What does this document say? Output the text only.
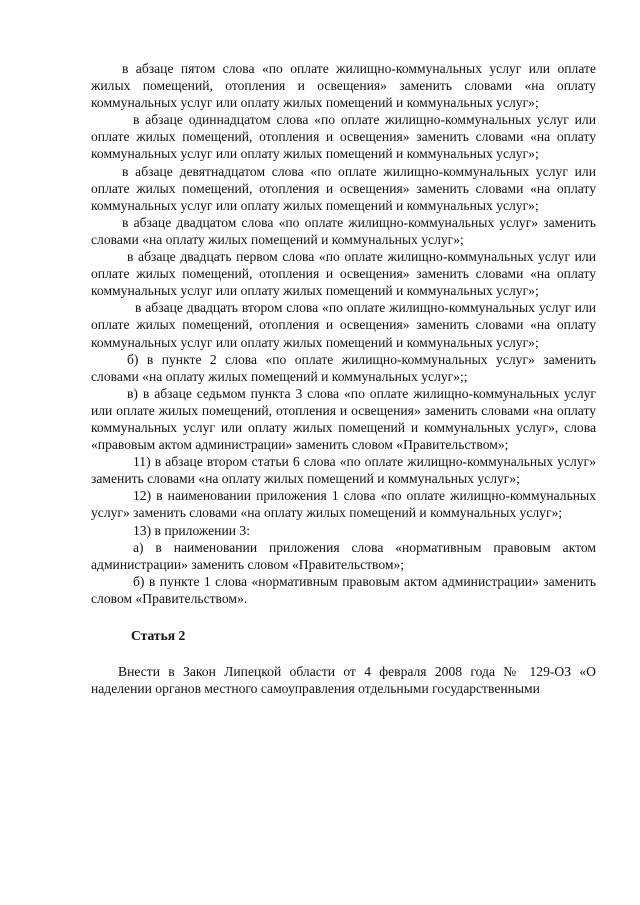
в абзаце пятом слова «по оплате жилищно-коммунальных услуг или оплате жилых помещений, отопления и освещения» заменить словами «на оплату коммунальных услуг или оплату жилых помещений и коммунальных услуг»;

в абзаце одиннадцатом слова «по оплате жилищно-коммунальных услуг или оплате жилых помещений, отопления и освещения» заменить словами «на оплату коммунальных услуг или оплату жилых помещений и коммунальных услуг»;

в абзаце девятнадцатом слова «по оплате жилищно-коммунальных услуг или оплате жилых помещений, отопления и освещения» заменить словами «на оплату коммунальных услуг или оплату жилых помещений и коммунальных услуг»;

в абзаце двадцатом слова «по оплате жилищно-коммунальных услуг» заменить словами «на оплату жилых помещений и коммунальных услуг»;

в абзаце двадцать первом слова «по оплате жилищно-коммунальных услуг или оплате жилых помещений, отопления и освещения» заменить словами «на оплату коммунальных услуг или оплату жилых помещений и коммунальных услуг»;

в абзаце двадцать втором слова «по оплате жилищно-коммунальных услуг или оплате жилых помещений, отопления и освещения» заменить словами «на оплату коммунальных услуг или оплату жилых помещений и коммунальных услуг»;

б) в пункте 2 слова «по оплате жилищно-коммунальных услуг» заменить словами «на оплату жилых помещений и коммунальных услуг»;;

в) в абзаце седьмом пункта 3 слова «по оплате жилищно-коммунальных услуг или оплате жилых помещений, отопления и освещения» заменить словами «на оплату коммунальных услуг или оплату жилых помещений и коммунальных услуг», слова «правовым актом администрации» заменить словом «Правительством»;

11) в абзаце втором статьи 6 слова «по оплате жилищно-коммунальных услуг» заменить словами «на оплату жилых помещений и коммунальных услуг»;

12) в наименовании приложения 1 слова «по оплате жилищно-коммунальных услуг» заменить словами «на оплату жилых помещений и коммунальных услуг»;

13) в приложении 3:

а) в наименовании приложения слова «нормативным правовым актом администрации» заменить словом «Правительством»;

б) в пункте 1 слова «нормативным правовым актом администрации» заменить словом «Правительством».

Статья 2

Внести в Закон Липецкой области от 4 февраля 2008 года № 129-ОЗ «О наделении органов местного самоуправления отдельными государственными
